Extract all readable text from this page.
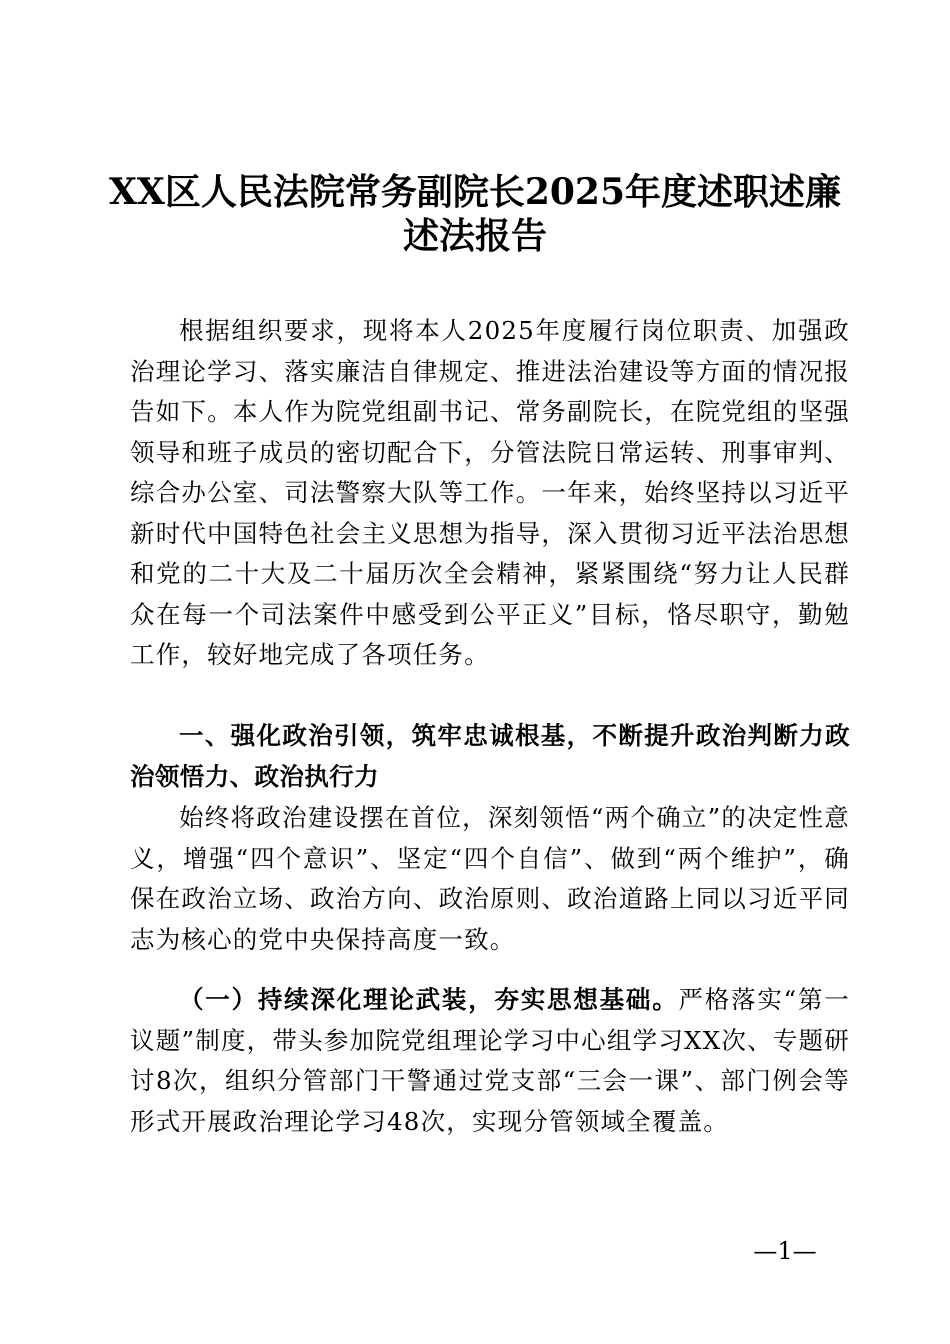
XX区人民法院常务副院长2025年度述职述廉
述法报告

根据组织要求，现将本人2025年度履行岗位职责、加强政治理论学习、落实廉洁自律规定、推进法治建设等方面的情况报告如下。本人作为院党组副书记、常务副院长，在院党组的坚强领导和班子成员的密切配合下，分管法院日常运转、刑事审判、综合办公室、司法警察大队等工作。一年来，始终坚持以习近平新时代中国特色社会主义思想为指导，深入贯彻习近平法治思想和党的二十大及二十届历次全会精神，紧紧围绕“努力让人民群众在每一个司法案件中感受到公平正义”目标，恪尽职守，勤勉工作，较好地完成了各项任务。

一、强化政治引领，筑牢忠诚根基，不断提升政治判断力政治领悟力、政治执行力

始终将政治建设摆在首位，深刻领悟“两个确立”的决定性意义，增强“四个意识”、坚定“四个自信”、做到“两个维护”，确保在政治立场、政治方向、政治原则、政治道路上同以习近平同志为核心的党中央保持高度一致。

（一）持续深化理论武装，夯实思想基础。严格落实“第一议题”制度，带头参加院党组理论学习中心组学习XX次、专题研讨8次，组织分管部门干警通过党支部“三会一课”、部门例会等形式开展政治理论学习48次，实现分管领域全覆盖。

—1—
